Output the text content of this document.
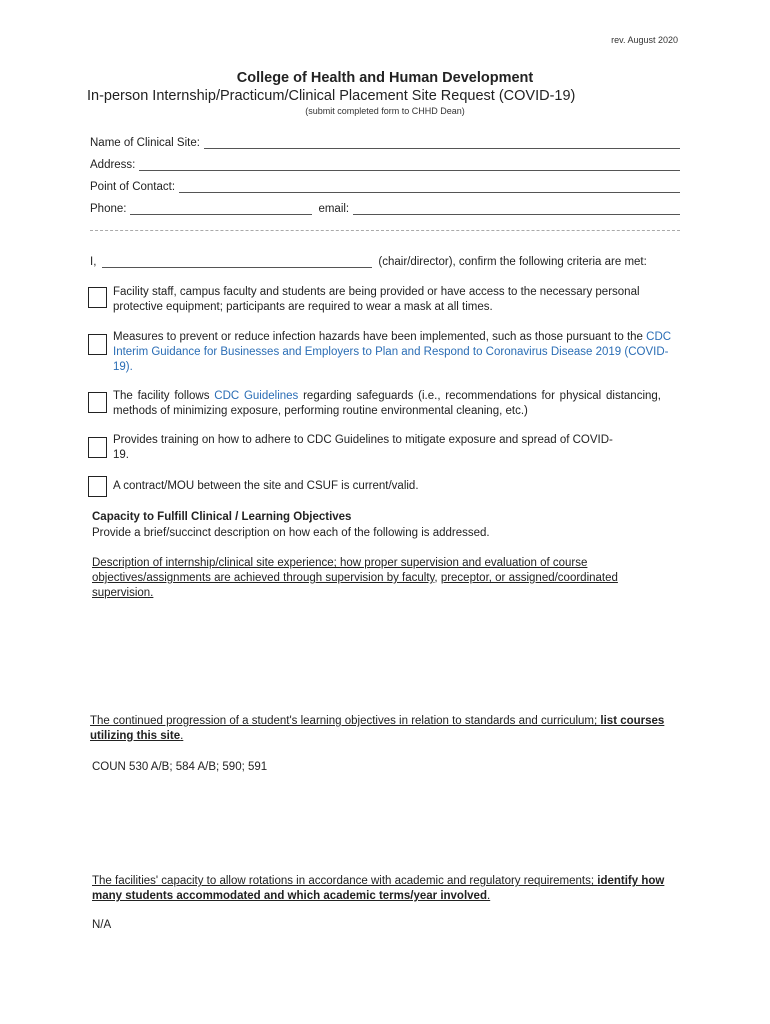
rev. August 2020
College of Health and Human Development
In-person Internship/Practicum/Clinical Placement Site Request (COVID-19)
(submit completed form to CHHD Dean)
Name of Clinical Site:
Address:
Point of Contact:
Phone:	email:
I,	(chair/director), confirm the following criteria are met:
Facility staff, campus faculty and students are being provided or have access to the necessary personal protective equipment; participants are required to wear a mask at all times.
Measures to prevent or reduce infection hazards have been implemented, such as those pursuant to the CDC Interim Guidance for Businesses and Employers to Plan and Respond to Coronavirus Disease 2019 (COVID-19).
The facility follows CDC Guidelines regarding safeguards (i.e., recommendations for physical distancing, methods of minimizing exposure, performing routine environmental cleaning, etc.)
Provides training on how to adhere to CDC Guidelines to mitigate exposure and spread of COVID-19.
A contract/MOU between the site and CSUF is current/valid.
Capacity to Fulfill Clinical / Learning Objectives
Provide a brief/succinct description on how each of the following is addressed.
Description of internship/clinical site experience; how proper supervision and evaluation of course objectives/assignments are achieved through supervision by faculty, preceptor, or assigned/coordinated supervision.
The continued progression of a student's learning objectives in relation to standards and curriculum; list courses utilizing this site.
COUN 530 A/B; 584 A/B; 590; 591
The facilities' capacity to allow rotations in accordance with academic and regulatory requirements; identify how many students accommodated and which academic terms/year involved.
N/A
